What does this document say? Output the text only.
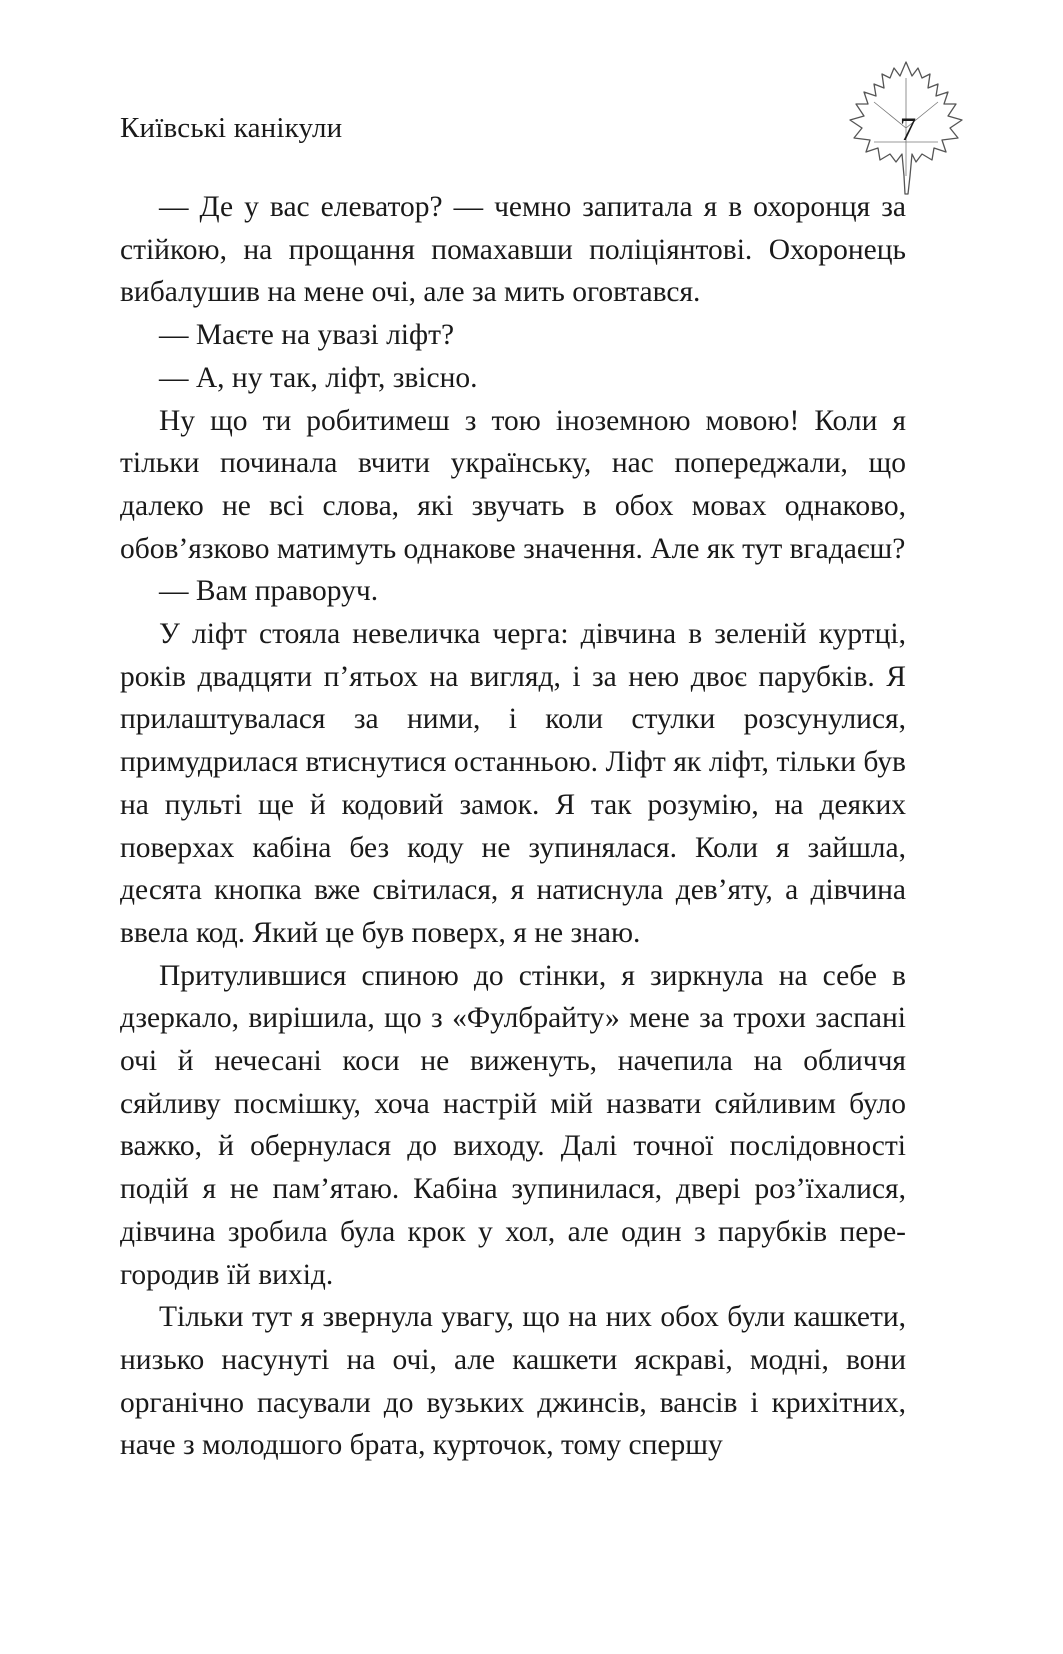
Київські канікули	7

— Де у вас елеватор? — чемно запитала я в охоронця за стійкою, на прощання помахавши поліціянтові. Охоронець вибалушив на мене очі, але за мить оговтався.

— Маєте на увазі ліфт?

— А, ну так, ліфт, звісно.

Ну що ти робитимеш з тою іноземною мовою! Коли я тільки починала вчити українську, нас попереджали, що далеко не всі слова, які звучать в обох мовах однаково, обов’язково матимуть однакове значення. Але як тут вгадаєш?

— Вам праворуч.

У ліфт стояла невеличка черга: дівчина в зеленій куртці, років двадцяти п’ятьох на вигляд, і за нею двоє парубків. Я прилаштувалася за ними, і коли стулки розсунулися, примудрилася втиснутися останньою. Ліфт як ліфт, тільки був на пульті ще й кодовий замок. Я так розумію, на деяких поверхах кабіна без коду не зупинялася. Коли я зайшла, десята кнопка вже світилася, я натиснула дев’яту, а дівчина ввела код. Який це був поверх, я не знаю.

Притулившися спиною до стінки, я зиркнула на себе в дзеркало, вирішила, що з «Фулбрайту» мене за трохи заспані очі й нечесані коси не виженуть, начепила на обличчя сяйливу посмішку, хоча настрій мій назвати сяйливим було важко, й обернулася до виходу. Далі точної послідовності подій я не пам’ятаю. Кабіна зупинилася, двері роз’їхалися, дівчина зробила була крок у хол, але один з парубків перегородив їй вихід.

Тільки тут я звернула увагу, що на них обох були кашкети, низько насунуті на очі, але кашкети яскраві, модні, вони органічно пасували до вузьких джинсів, вансів і крихітних, наче з молодшого брата, курточок, тому спершу
